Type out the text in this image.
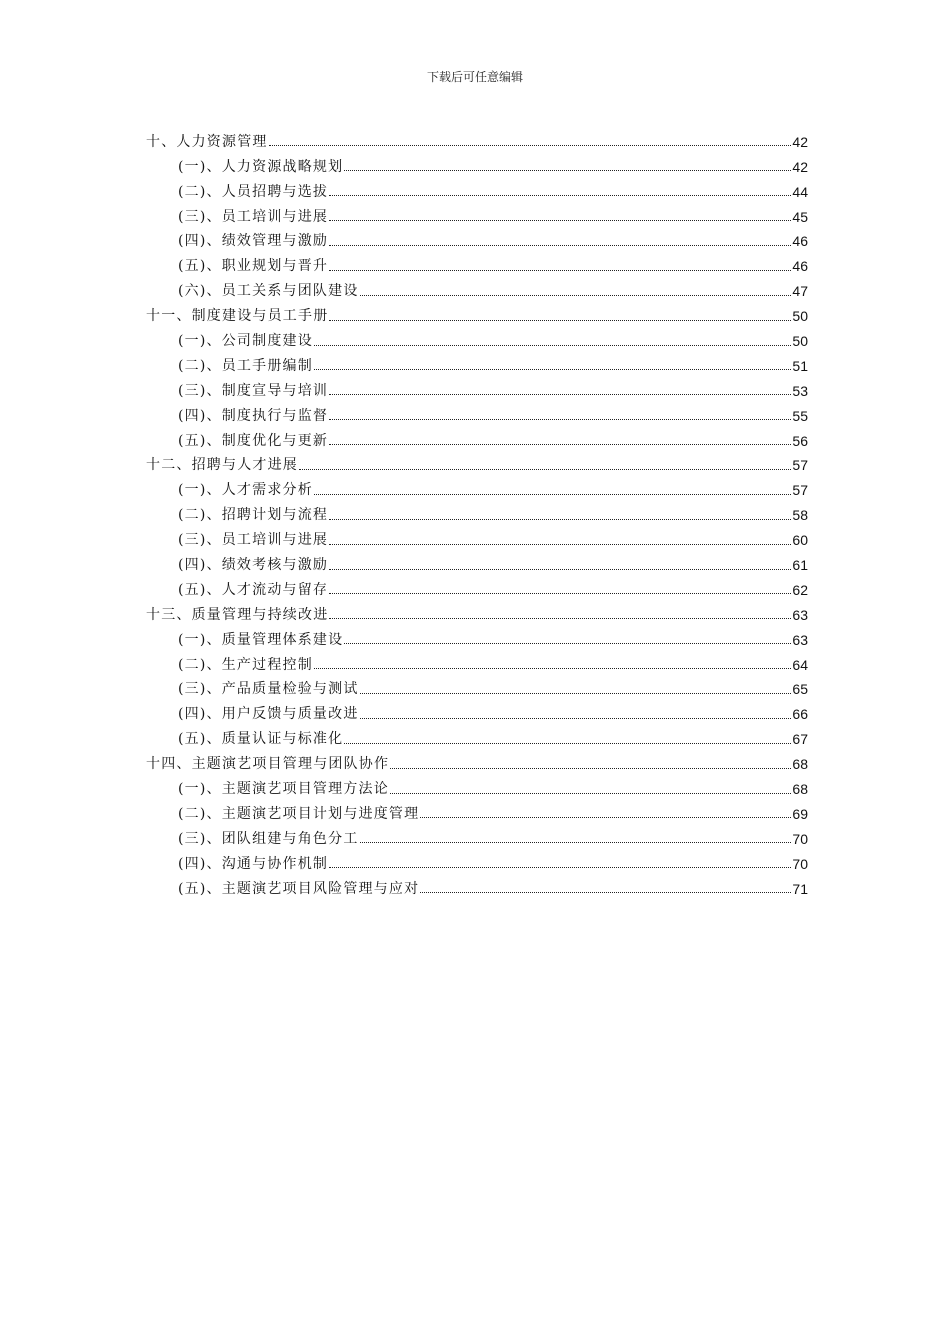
下载后可任意编辑
十、人力资源管理	42
(一)、人力资源战略规划	42
(二)、人员招聘与选拔	44
(三)、员工培训与进展	45
(四)、绩效管理与激励	46
(五)、职业规划与晋升	46
(六)、员工关系与团队建设	47
十一、制度建设与员工手册	50
(一)、公司制度建设	50
(二)、员工手册编制	51
(三)、制度宣导与培训	53
(四)、制度执行与监督	55
(五)、制度优化与更新	56
十二、招聘与人才进展	57
(一)、人才需求分析	57
(二)、招聘计划与流程	58
(三)、员工培训与进展	60
(四)、绩效考核与激励	61
(五)、人才流动与留存	62
十三、质量管理与持续改进	63
(一)、质量管理体系建设	63
(二)、生产过程控制	64
(三)、产品质量检验与测试	65
(四)、用户反馈与质量改进	66
(五)、质量认证与标准化	67
十四、主题演艺项目管理与团队协作	68
(一)、主题演艺项目管理方法论	68
(二)、主题演艺项目计划与进度管理	69
(三)、团队组建与角色分工	70
(四)、沟通与协作机制	70
(五)、主题演艺项目风险管理与应对	71
